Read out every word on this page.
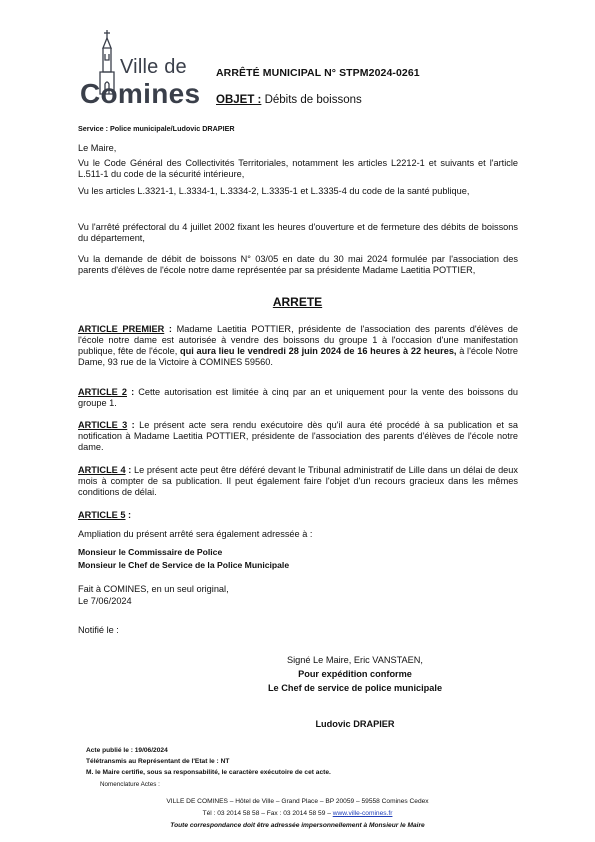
Ville de
Comines
ARRÊTÉ MUNICIPAL N° STPM2024-0261
OBJET : Débits de boissons
Service : Police municipale/Ludovic DRAPIER

Le Maire,

Vu le Code Général des Collectivités Territoriales, notamment les articles L2212-1 et suivants et l'article L.511-1 du code de la sécurité intérieure,

Vu les articles L.3321-1, L.3334-1, L.3334-2, L.3335-1 et L.3335-4 du code de la santé publique,

Vu l'arrêté préfectoral du 4 juillet 2002 fixant les heures d'ouverture et de fermeture des débits de boissons du département,

Vu la demande de débit de boissons N° 03/05 en date du 30 mai 2024 formulée par l'association des parents d'élèves de l'école notre dame représentée par sa présidente Madame Laetitia POTTIER,

ARRETE

ARTICLE PREMIER : Madame Laetitia POTTIER, présidente de l'association des parents d'élèves de l'école notre dame est autorisée à vendre des boissons du groupe 1 à l'occasion d'une manifestation publique, fête de l'école, qui aura lieu le vendredi 28 juin 2024 de 16 heures à 22 heures, à l'école Notre Dame, 93 rue de la Victoire à COMINES 59560.

ARTICLE 2 : Cette autorisation est limitée à cinq par an et uniquement pour la vente des boissons du groupe 1.

ARTICLE 3 : Le présent acte sera rendu exécutoire dès qu'il aura été procédé à sa publication et sa notification à Madame Laetitia POTTIER, présidente de l'association des parents d'élèves de l'école notre dame.

ARTICLE 4 : Le présent acte peut être déféré devant le Tribunal administratif de Lille dans un délai de deux mois à compter de sa publication. Il peut également faire l'objet d'un recours gracieux dans les mêmes conditions de délai.

ARTICLE 5 :

Ampliation du présent arrêté sera également adressée à :

Monsieur le Commissaire de Police

Monsieur le Chef de Service de la Police Municipale

Fait à COMINES, en un seul original,

Le 7/06/2024

Notifié le :

Signé Le Maire, Eric VANSTAEN,
Pour expédition conforme
Le Chef de service de police municipale
Ludovic DRAPIER
Acte publié le : 19/06/2024
Télétransmis au Représentant de l'Etat le : NT
M. le Maire certifie, sous sa responsabilité, le caractère exécutoire de cet acte.
Nomenclature Actes :
VILLE DE COMINES – Hôtel de Ville – Grand Place – BP 20059 – 59558 Comines Cedex
Tél : 03 2014 58 58 – Fax : 03 2014 58 59 – www.ville-comines.fr
Toute correspondance doit être adressée impersonnellement à Monsieur le Maire
